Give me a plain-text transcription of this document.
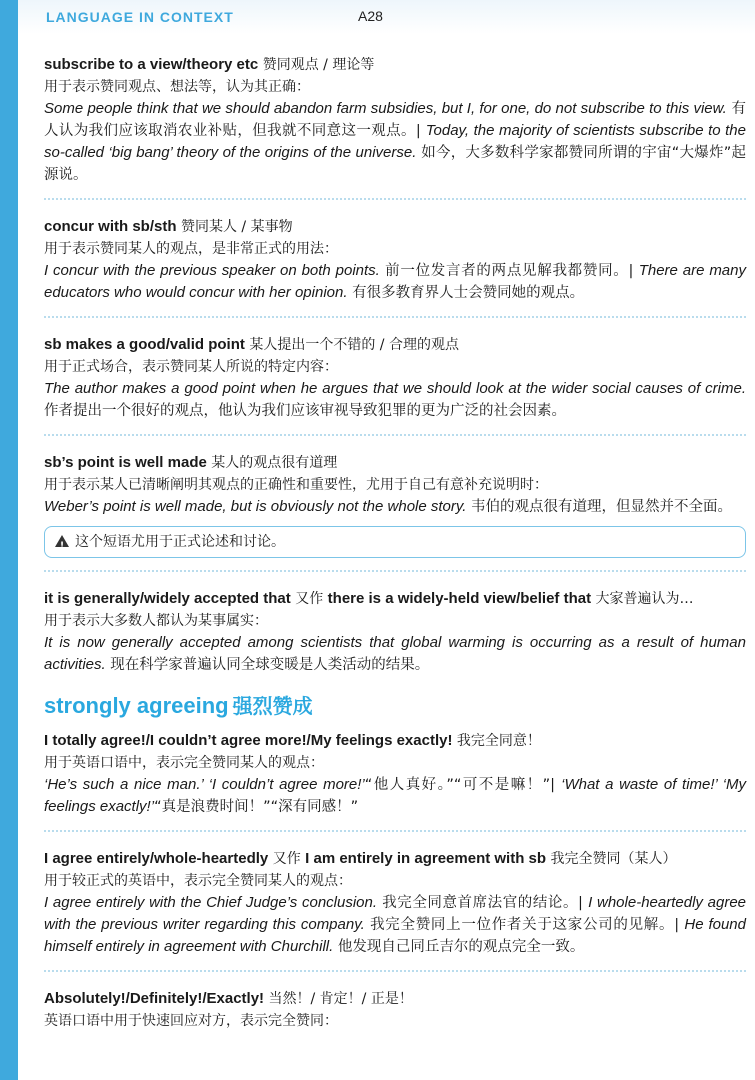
LANGUAGE IN CONTEXT	A28
subscribe to a view/theory etc 赞同观点 / 理论等
用于表示赞同观点、想法等，认为其正确：
Some people think that we should abandon farm subsidies, but I, for one, do not subscribe to this view. 有人认为我们应该取消农业补贴，但我就不同意这一观点。| Today, the majority of scientists subscribe to the so-called ‘big bang’ theory of the origins of the universe. 如今，大多数科学家都赞同所谓的宇宙“大爆炸”起源说。
concur with sb/sth 赞同某人 / 某事物
用于表示赞同某人的观点，是非常正式的用法：
I concur with the previous speaker on both points. 前一位发言者的两点见解我都赞同。| There are many educators who would concur with her opinion. 有很多教育界人士会赞同她的观点。
sb makes a good/valid point 某人提出一个不错的 / 合理的观点
用于正式场合，表示赞同某人所说的特定内容：
The author makes a good point when he argues that we should look at the wider social causes of crime. 作者提出一个很好的观点，他认为我们应该审视导致犯罪的更为广泛的社会因素。
sb’s point is well made 某人的观点很有道理
用于表示某人已清晰阐明其观点的正确性和重要性，尤用于自己有意补充说明时：
Weber’s point is well made, but is obviously not the whole story. 韦伯的观点很有道理，但显然并不全面。
!这个短语尤用于正式论述和讨论。
it is generally/widely accepted that 又作 there is a widely-held view/belief that 大家普遍认为…
用于表示大多数人都认为某事属实：
It is now generally accepted among scientists that global warming is occurring as a result of human activities. 现在科学家普遍认同全球变暖是人类活动的结果。
strongly agreeing 强烈赞成
I totally agree!/I couldn’t agree more!/My feelings exactly! 我完全同意！
用于英语口语中，表示完全赞同某人的观点：
‘He’s such a nice man.’ ‘I couldn’t agree more!’“他人真好。”“可不是嘛！”| ‘What a waste of time!’ ‘My feelings exactly!’“真是浪费时间！”“深有同感！”
I agree entirely/whole-heartedly 又作 I am entirely in agreement with sb 我完全赞同（某人）
用于较正式的英语中，表示完全赞同某人的观点：
I agree entirely with the Chief Judge’s conclusion. 我完全同意首席法官的结论。| I whole-heartedly agree with the previous writer regarding this company. 我完全赞同上一位作者关于这家公司的见解。| He found himself entirely in agreement with Churchill. 他发现自己同丘吉尔的观点完全一致。
Absolutely!/Definitely!/Exactly! 当然！/ 肯定！/ 正是！
英语口语中用于快速回应对方，表示完全赞同：
